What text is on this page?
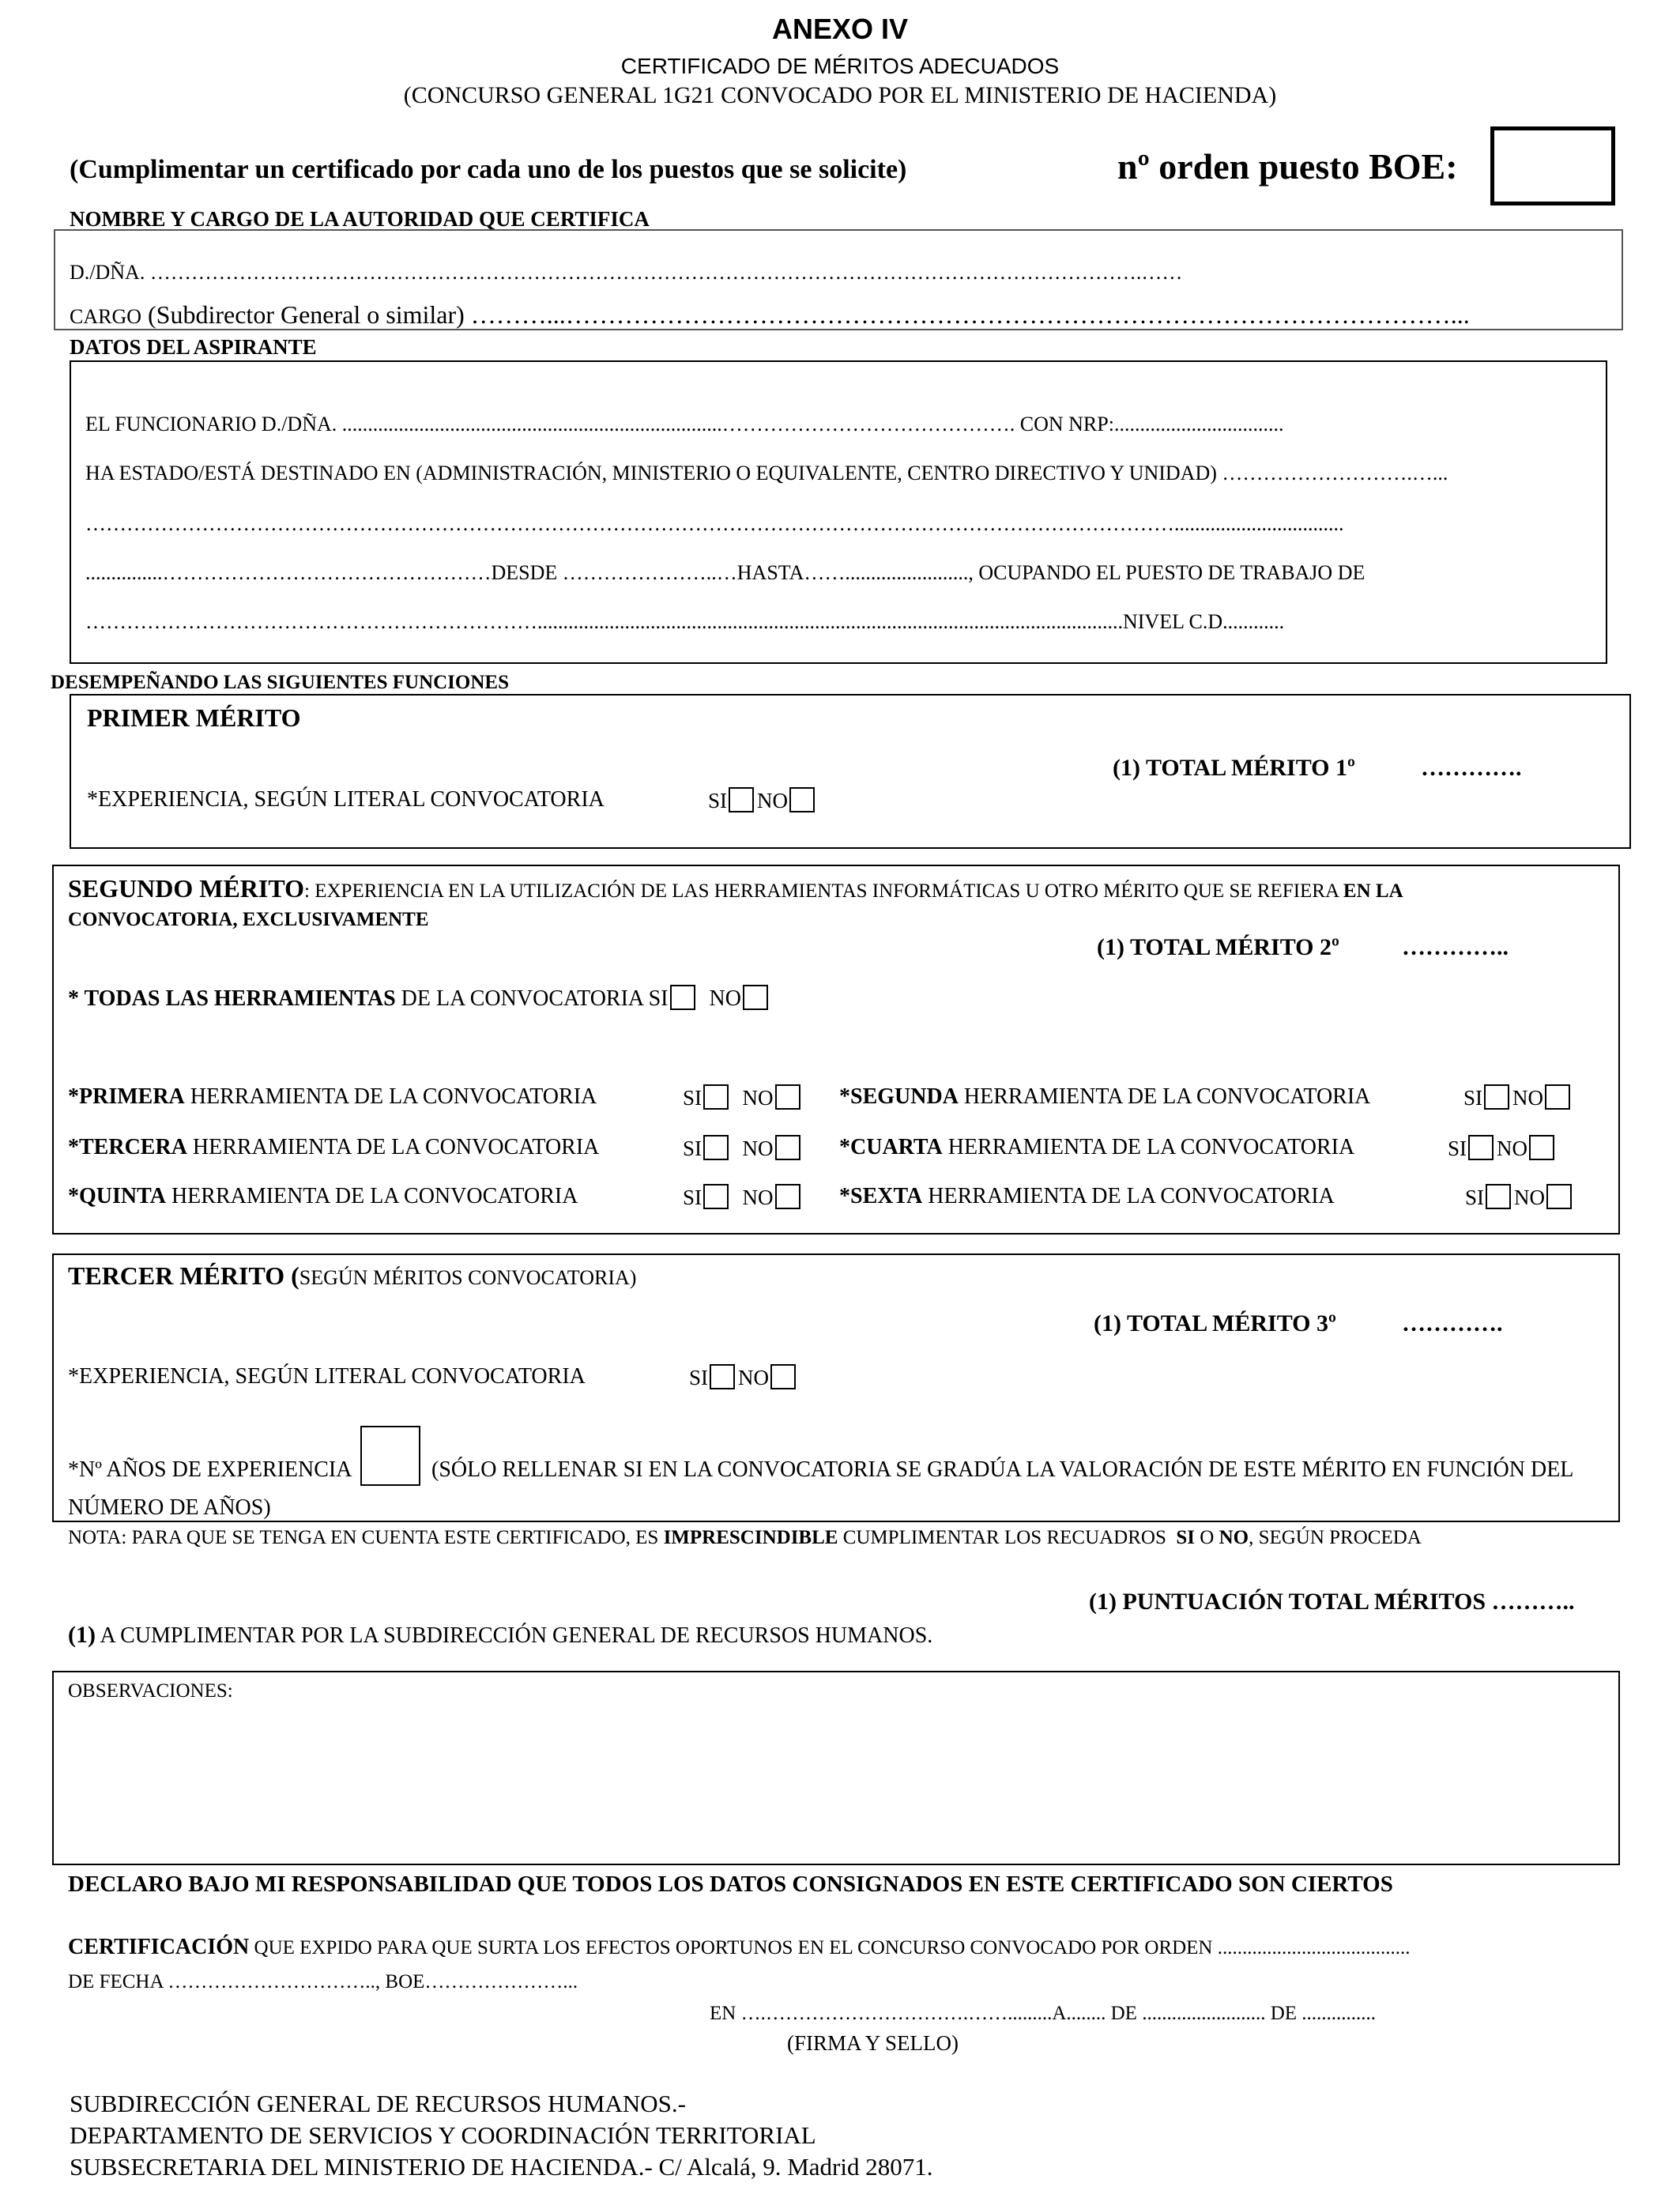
ANEXO IV
CERTIFICADO DE MÉRITOS ADECUADOS
(CONCURSO GENERAL 1G21 CONVOCADO POR EL MINISTERIO DE HACIENDA)
(Cumplimentar un certificado por cada uno de los puestos que se solicite)	nº orden puesto BOE:
NOMBRE Y CARGO DE LA AUTORIDAD QUE CERTIFICA
D./DÑA. ……………………………………………………………………………………………………………………………….……
CARGO (Subdirector General o similar) ………...……………………………………………………………………………………………...
DATOS DEL ASPIRANTE
EL FUNCIONARIO D./DÑA. ..........................................................................……………………………………. CON NRP:.................................
HA ESTADO/ESTÁ DESTINADO EN (ADMINISTRACIÓN, MINISTERIO O EQUIVALENTE, CENTRO DIRECTIVO Y UNIDAD) ……………………….…...
…………………………………………………………………………………………………………………………………………….................................
...............…………………………………………DESDE …………………..…HASTA……........................, OCUPANDO EL PUESTO DE TRABAJO DE
…………………………………………………………..................................................................................................................NIVEL C.D............
DESEMPEÑANDO LAS SIGUIENTES FUNCIONES
PRIMER MÉRITO
(1) TOTAL MÉRITO 1º	………….
*EXPERIENCIA, SEGÚN LITERAL CONVOCATORIA	SI NO
SEGUNDO MÉRITO: EXPERIENCIA EN LA UTILIZACIÓN DE LAS HERRAMIENTAS INFORMÁTICAS U OTRO MÉRITO QUE SE REFIERA EN LA
CONVOCATORIA, EXCLUSIVAMENTE
(1) TOTAL MÉRITO 2º	…………..
* TODAS LAS HERRAMIENTAS DE LA CONVOCATORIA SI NO
*PRIMERA HERRAMIENTA DE LA CONVOCATORIA	SI NO	*SEGUNDA HERRAMIENTA DE LA CONVOCATORIA	SI NO
*TERCERA HERRAMIENTA DE LA CONVOCATORIA	SI NO	*CUARTA HERRAMIENTA DE LA CONVOCATORIA	SI NO
*QUINTA HERRAMIENTA DE LA CONVOCATORIA	SI NO	*SEXTA HERRAMIENTA DE LA CONVOCATORIA	SI NO
TERCER MÉRITO (SEGÚN MÉRITOS CONVOCATORIA)
(1) TOTAL MÉRITO 3º	………….
*EXPERIENCIA, SEGÚN LITERAL CONVOCATORIA	SI NO
*Nº AÑOS DE EXPERIENCIA	(SÓLO RELLENAR SI EN LA CONVOCATORIA SE GRADÚA LA VALORACIÓN DE ESTE MÉRITO EN FUNCIÓN DEL
NÚMERO DE AÑOS)
NOTA: PARA QUE SE TENGA EN CUENTA ESTE CERTIFICADO, ES IMPRESCINDIBLE CUMPLIMENTAR LOS RECUADROS SI O NO, SEGÚN PROCEDA
(1) PUNTUACIÓN TOTAL MÉRITOS ………..
(1) A CUMPLIMENTAR POR LA SUBDIRECCIÓN GENERAL DE RECURSOS HUMANOS.
OBSERVACIONES:
DECLARO BAJO MI RESPONSABILIDAD QUE TODOS LOS DATOS CONSIGNADOS EN ESTE CERTIFICADO SON CIERTOS
CERTIFICACIÓN QUE EXPIDO PARA QUE SURTA LOS EFECTOS OPORTUNOS EN EL CONCURSO CONVOCADO POR ORDEN .......................................
DE FECHA ………………………….., BOE…………………...
EN ….………………………….…….........A........ DE ......................... DE ...............
(FIRMA Y SELLO)
SUBDIRECCIÓN GENERAL DE RECURSOS HUMANOS.-
DEPARTAMENTO DE SERVICIOS Y COORDINACIÓN TERRITORIAL
SUBSECRETARIA DEL MINISTERIO DE HACIENDA.- C/ Alcalá, 9. Madrid 28071.
